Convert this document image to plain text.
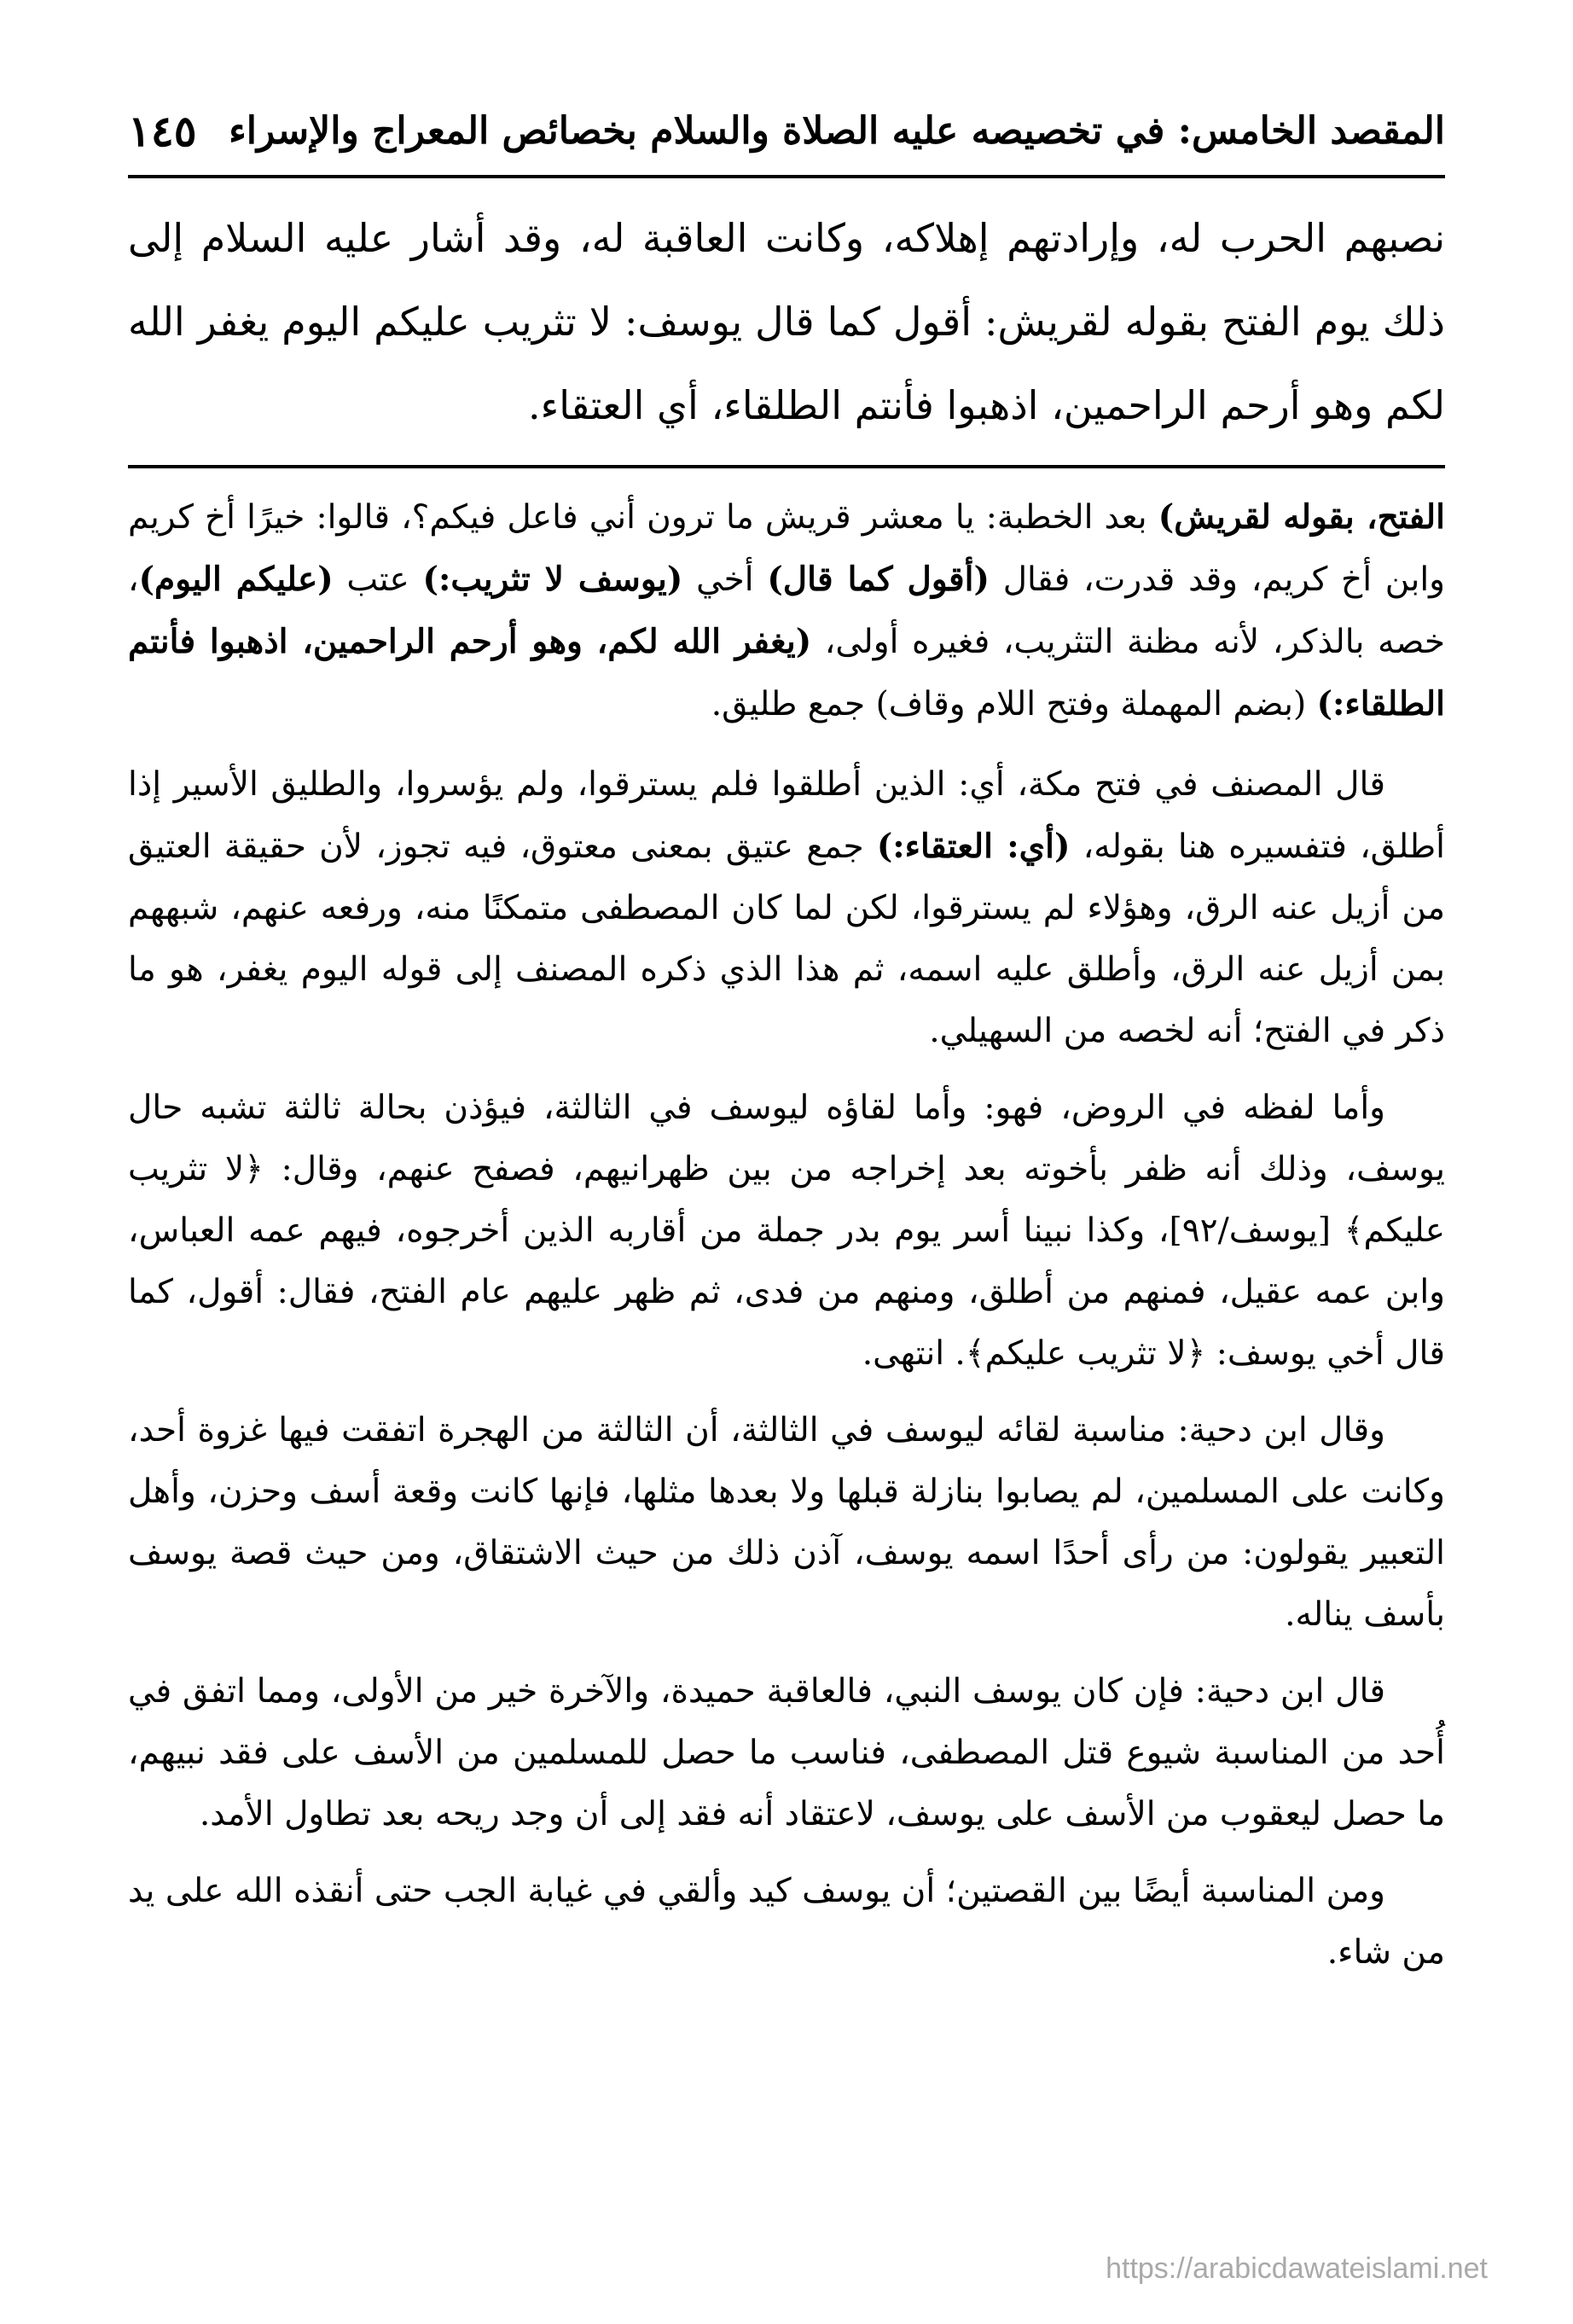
المقصد الخامس: في تخصيصه عليه الصلاة والسلام بخصائص المعراج والإسراء
١٤٥
نصبهم الحرب له، وإرادتهم إهلاكه، وكانت العاقبة له، وقد أشار عليه السلام إلى ذلك يوم الفتح بقوله لقريش: أقول كما قال يوسف: لا تثريب عليكم اليوم يغفر الله لكم وهو أرحم الراحمين، اذهبوا فأنتم الطلقاء، أي العتقاء.

الفتح، بقوله لقريش) بعد الخطبة: يا معشر قريش ما ترون أني فاعل فيكم؟، قالوا: خيرًا أخ كريم وابن أخ كريم، وقد قدرت، فقال (أقول كما قال) أخي (يوسف لا تثريب:) عتب (عليكم اليوم)، خصه بالذكر، لأنه مظنة التثريب، فغيره أولى، (يغفر الله لكم، وهو أرحم الراحمين، اذهبوا فأنتم الطلقاء:) (بضم المهملة وفتح اللام وقاف) جمع طليق.

قال المصنف في فتح مكة، أي: الذين أطلقوا فلم يسترقوا، ولم يؤسروا، والطليق الأسير إذا أطلق، فتفسيره هنا بقوله، (أي: العتقاء:) جمع عتيق بمعنى معتوق، فيه تجوز، لأن حقيقة العتيق من أزيل عنه الرق، وهؤلاء لم يسترقوا، لكن لما كان المصطفى متمكنًا منه، ورفعه عنهم، شبههم بمن أزيل عنه الرق، وأطلق عليه اسمه، ثم هذا الذي ذكره المصنف إلى قوله اليوم يغفر، هو ما ذكر في الفتح؛ أنه لخصه من السهيلي.

وأما لفظه في الروض، فهو: وأما لقاؤه ليوسف في الثالثة، فيؤذن بحالة ثالثة تشبه حال يوسف، وذلك أنه ظفر بأخوته بعد إخراجه من بين ظهرانيهم، فصفح عنهم، وقال: ﴿لا تثريب عليكم﴾ [يوسف/٩٢]، وكذا نبينا أسر يوم بدر جملة من أقاربه الذين أخرجوه، فيهم عمه العباس، وابن عمه عقيل، فمنهم من أطلق، ومنهم من فدى، ثم ظهر عليهم عام الفتح، فقال: أقول، كما قال أخي يوسف: ﴿لا تثريب عليكم﴾. انتهى.

وقال ابن دحية: مناسبة لقائه ليوسف في الثالثة، أن الثالثة من الهجرة اتفقت فيها غزوة أحد، وكانت على المسلمين، لم يصابوا بنازلة قبلها ولا بعدها مثلها، فإنها كانت وقعة أسف وحزن، وأهل التعبير يقولون: من رأى أحدًا اسمه يوسف، آذن ذلك من حيث الاشتقاق، ومن حيث قصة يوسف بأسف يناله.

قال ابن دحية: فإن كان يوسف النبي، فالعاقبة حميدة، والآخرة خير من الأولى، ومما اتفق في أُحد من المناسبة شيوع قتل المصطفى، فناسب ما حصل للمسلمين من الأسف على فقد نبيهم، ما حصل ليعقوب من الأسف على يوسف، لاعتقاد أنه فقد إلى أن وجد ريحه بعد تطاول الأمد.

ومن المناسبة أيضًا بين القصتين؛ أن يوسف كيد وألقي في غيابة الجب حتى أنقذه الله على يد من شاء.

https://arabicdawateislami.net
